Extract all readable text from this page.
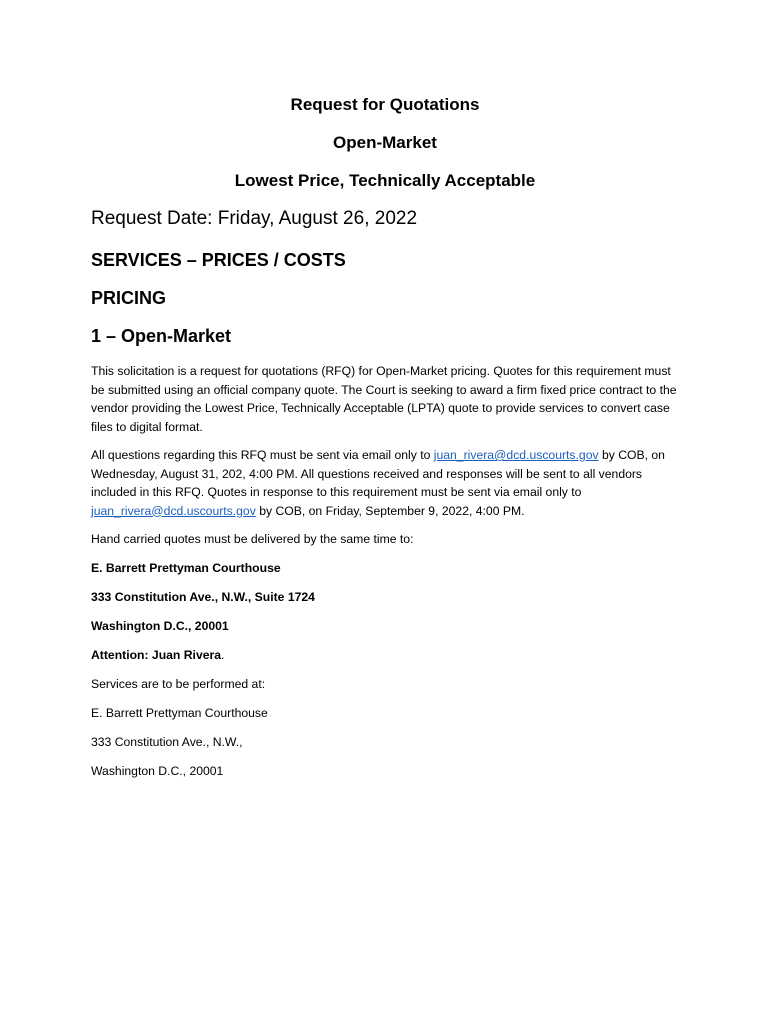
Request for Quotations
Open-Market
Lowest Price, Technically Acceptable
Request Date: Friday, August 26, 2022
SERVICES – PRICES / COSTS
PRICING
1 – Open-Market

This solicitation is a request for quotations (RFQ) for Open-Market pricing. Quotes for this requirement must be submitted using an official company quote. The Court is seeking to award a firm fixed price contract to the vendor providing the Lowest Price, Technically Acceptable (LPTA) quote to provide services to convert case files to digital format.

All questions regarding this RFQ must be sent via email only to juan_rivera@dcd.uscourts.gov by COB, on Wednesday, August 31, 202, 4:00 PM. All questions received and responses will be sent to all vendors included in this RFQ. Quotes in response to this requirement must be sent via email only to juan_rivera@dcd.uscourts.gov by COB, on Friday, September 9, 2022, 4:00 PM.

Hand carried quotes must be delivered by the same time to:

E. Barrett Prettyman Courthouse

333 Constitution Ave., N.W., Suite 1724

Washington D.C., 20001

Attention: Juan Rivera.

Services are to be performed at:

E. Barrett Prettyman Courthouse

333 Constitution Ave., N.W.,

Washington D.C., 20001
